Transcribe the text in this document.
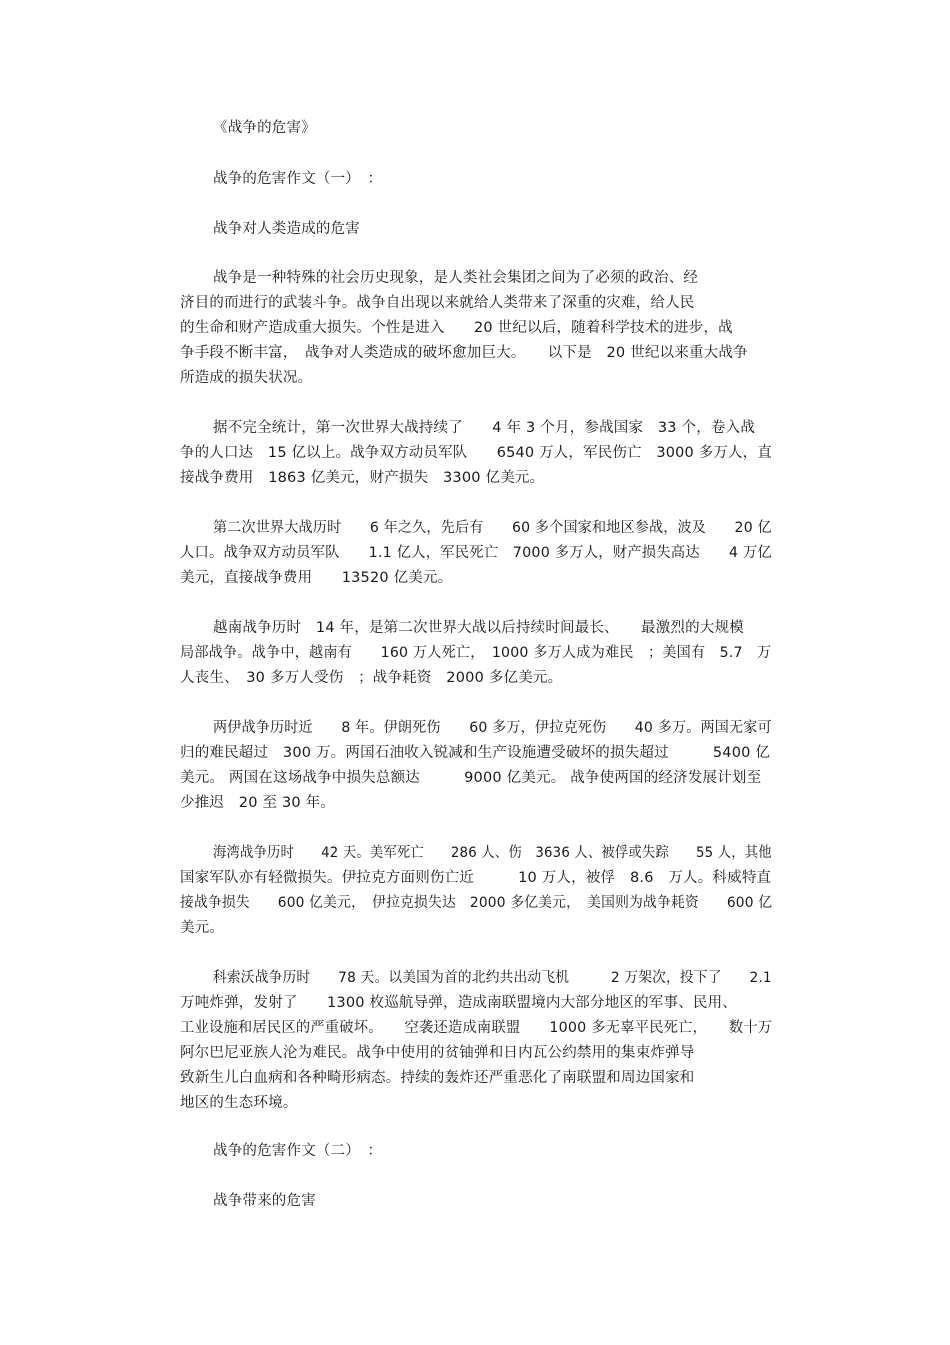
《战争的危害》
战争的危害作文（一）　：
战争对人类造成的危害
战争是一种特殊的社会历史现象，是人类社会集团之间为了必须的政治、经
济目的而进行的武装斗争。战争自出现以来就给人类带来了深重的灾难，给人民
的生命和财产造成重大损失。个性是进入　　20 世纪以后，随着科学技术的进步，战
争手段不断丰富，　战争对人类造成的破坏愈加巨大。　　以下是　20 世纪以来重大战争
所造成的损失状况。
据不完全统计，第一次世界大战持续了　　4 年 3 个月，参战国家　33 个，卷入战
争的人口达　15 亿以上。战争双方动员军队　　6540 万人，军民伤亡　3000 多万人，直
接战争费用　1863 亿美元，财产损失　3300 亿美元。
第二次世界大战历时　　6 年之久，先后有　　60 多个国家和地区参战，波及　　20 亿
人口。战争双方动员军队　　1.1 亿人，军民死亡　7000 多万人，财产损失高达　　4 万亿
美元，直接战争费用　　13520 亿美元。
越南战争历时　14 年，是第二次世界大战以后持续时间最长、　　最激烈的大规模
局部战争。战争中，越南有　　160 万人死亡，　1000 多万人成为难民　；美国有　5.7　万
人丧生、　30 多万人受伤　；战争耗资　2000 多亿美元。
两伊战争历时近　　8 年。伊朗死伤　　60 多万，伊拉克死伤　　40 多万。两国无家可
归的难民超过　300 万。两国石油收入锐减和生产设施遭受破坏的损失超过　　　5400 亿
美元。 两国在这场战争中损失总额达　　　9000 亿美元。 战争使两国的经济发展计划至
少推迟　20 至 30 年。
海湾战争历时　　42 天。美军死亡　　286 人、伤　3636 人、被俘或失踪　　55 人，其他
国家军队亦有轻微损失。伊拉克方面则伤亡近　　　10 万人，被俘　8.6　万人。科威特直
接战争损失　　600 亿美元，　伊拉克损失达　2000 多亿美元，　美国则为战争耗资　　600 亿
美元。
科索沃战争历时　　78 天。以美国为首的北约共出动飞机　　　2 万架次，投下了　　2.1
万吨炸弹，发射了　　1300 枚巡航导弹，造成南联盟境内大部分地区的军事、民用、
工业设施和居民区的严重破坏。　　空袭还造成南联盟　　1000 多无辜平民死亡，　　数十万
阿尔巴尼亚族人沦为难民。战争中使用的贫铀弹和日内瓦公约禁用的集束炸弹导
致新生儿白血病和各种畸形病态。持续的轰炸还严重恶化了南联盟和周边国家和
地区的生态环境。
战争的危害作文（二）　：
战争带来的危害
